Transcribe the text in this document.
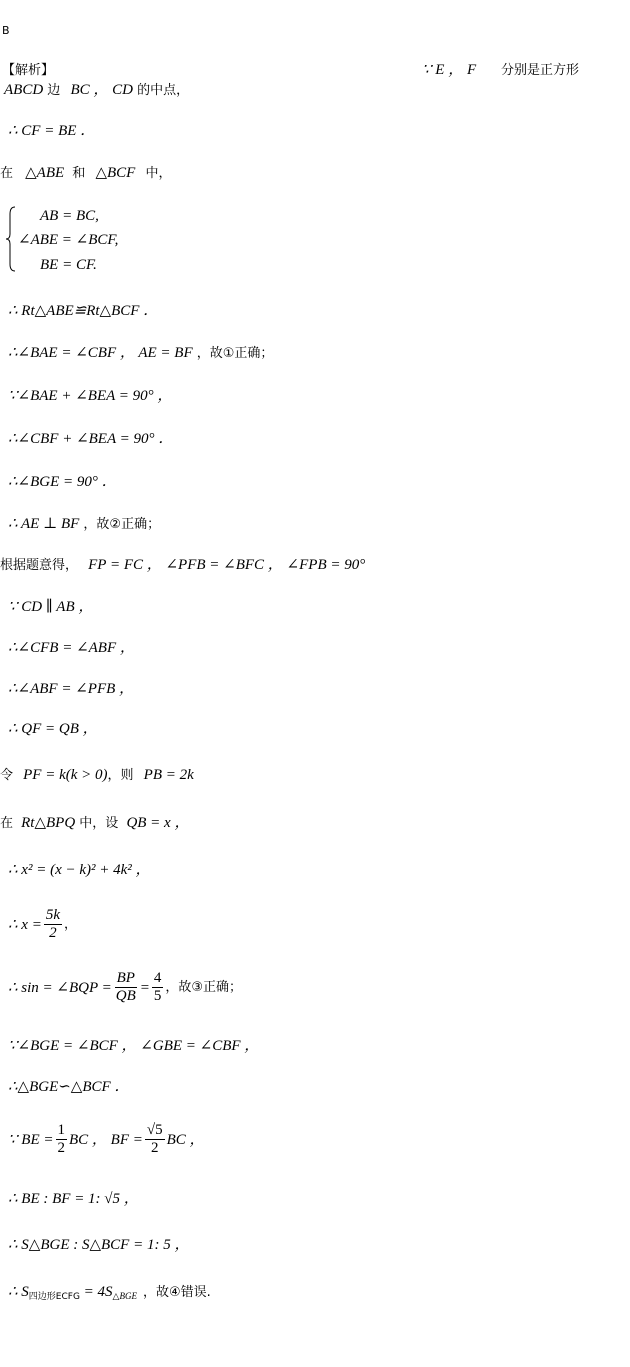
B
【解析】	∵ E ， F 分别是正方形
ABCD 边 BC ， CD 的中点，
∴ CF = BE ．
在 △ABE 和 △BCF 中，
AB = BC,
∠ABE = ∠BCF,
BE = CF.
∴ Rt△ABE≌Rt△BCF ．
∴∠BAE = ∠CBF ， AE = BF ，故①正确；
∵∠BAE + ∠BEA = 90° ，
∴∠CBF + ∠BEA = 90° ．
∴∠BGE = 90° ．
∴ AE ⊥ BF ，故②正确；
根据题意得， FP = FC ， ∠PFB = ∠BFC ， ∠FPB = 90°
∵ CD ∥ AB ，
∴∠CFB = ∠ABF ，
∴∠ABF = ∠PFB ，
∴ QF = QB ，
令 PF = k(k > 0)，则 PB = 2k
在 Rt△BPQ 中，设 QB = x ，
∴ x² = (x − k)² + 4k² ，
∴ $x = \frac{5k}{2}$ ，
∴ sin = ∠BQP = $\frac{BP}{QB} = \frac{4}{5}$ ，故③正确；
∵∠BGE = ∠BCF ， ∠GBE = ∠CBF ，
∴△BGE∽△BCF ．
∵ BE = $\frac{1}{2}$ BC ， BF = $\frac{√5}{2}$ BC ，
∴ BE : BF = 1: √5 ，
∴ S△BGE : S△BCF = 1: 5 ，
∴ $S_{四边形ECFG} = 4S_{\triangle BGE}$ ，故④错误.
